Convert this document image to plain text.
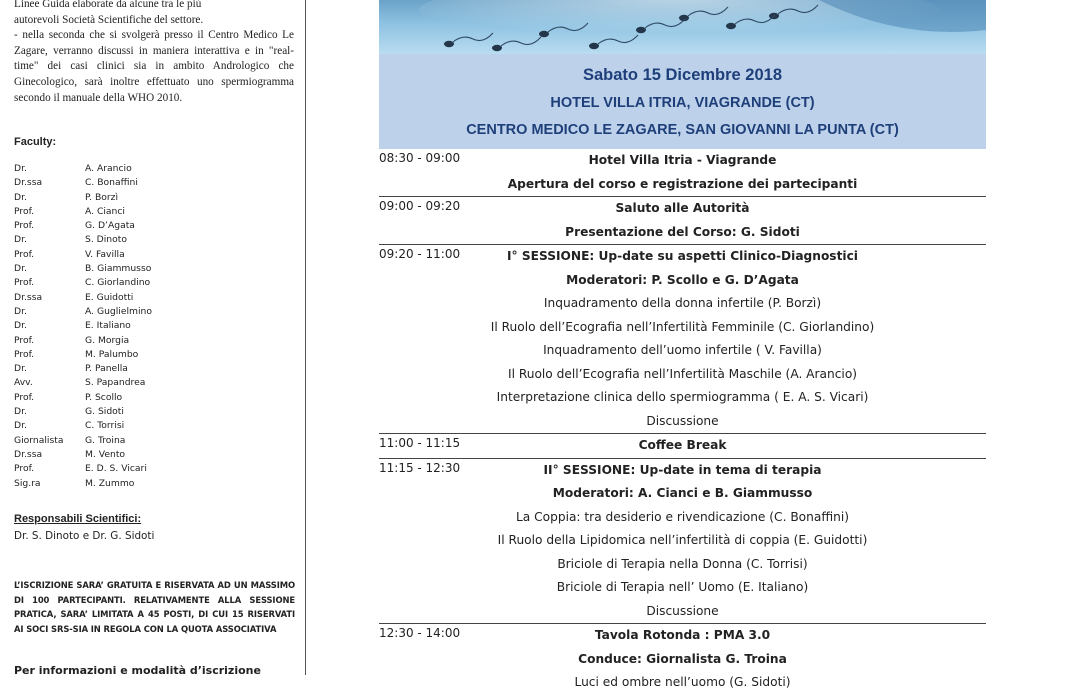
Linee Guida elaborate da alcune tra le più

autorevoli Società Scientifiche del settore.

- nella seconda che si svolgerà presso il Centro Medico Le Zagare, verranno discussi in maniera interattiva e in "real-time" dei casi clinici sia in ambito Andrologico che Ginecologico, sarà inoltre effettuato uno spermiogramma secondo il manuale della WHO 2010.

Faculty:
Dr.	A. Arancio
Dr.ssa	C. Bonaffini
Dr.	P. Borzì
Prof.	A. Cianci
Prof.	G. D’Agata
Dr.	S. Dinoto
Prof.	V. Favilla
Dr.	B. Giammusso
Prof.	C. Giorlandino
Dr.ssa	E. Guidotti
Dr.	A. Guglielmino
Dr.	E. Italiano
Prof.	G. Morgia
Prof.	M. Palumbo
Dr.	P. Panella
Avv.	S. Papandrea
Prof.	P. Scollo
Dr.	G. Sidoti
Dr.	C. Torrisi
Giornalista	G. Troina
Dr.ssa	M. Vento
Prof.	E. D. S. Vicari
Sig.ra	M. Zummo
Responsabili Scientifici:
Dr. S. Dinoto e Dr. G. Sidoti
L’ISCRIZIONE SARA’ GRATUITA E RISERVATA AD UN MASSIMO DI 100 PARTECIPANTI. RELATIVAMENTE ALLA SESSIONE PRATICA, SARA’ LIMITATA A 45 POSTI, DI CUI 15 RISERVATI AI SOCI SRS-SIA IN REGOLA CON LA QUOTA ASSOCIATIVA
Per informazioni e modalità d’iscrizione
Sabato 15 Dicembre 2018
HOTEL VILLA ITRIA, VIAGRANDE (CT)
CENTRO MEDICO LE ZAGARE, SAN GIOVANNI LA PUNTA (CT)
08:30 - 09:00	Hotel Villa Itria - Viagrande
Apertura del corso e registrazione dei partecipanti
09:00 - 09:20	Saluto alle Autorità
Presentazione del Corso: G. Sidoti
09:20 - 11:00	I° SESSIONE: Up-date su aspetti Clinico-Diagnostici
Moderatori: P. Scollo e G. D’Agata
Inquadramento della donna infertile (P. Borzì)
Il Ruolo dell’Ecografia nell’Infertilità Femminile (C. Giorlandino)
Inquadramento dell’uomo infertile ( V. Favilla)
Il Ruolo dell’Ecografia nell’Infertilità Maschile (A. Arancio)
Interpretazione clinica dello spermiogramma ( E. A. S. Vicari)
Discussione
11:00 - 11:15	Coffee Break
11:15 - 12:30	II° SESSIONE: Up-date in tema di terapia
Moderatori: A. Cianci e B. Giammusso
La Coppia: tra desiderio e rivendicazione (C. Bonaffini)
Il Ruolo della Lipidomica nell’infertilità di coppia (E. Guidotti)
Briciole di Terapia nella Donna (C. Torrisi)
Briciole di Terapia nell’ Uomo (E. Italiano)
Discussione
12:30 - 14:00	Tavola Rotonda : PMA 3.0
Conduce: Giornalista G. Troina
Luci ed ombre nell’uomo (G. Sidoti)
